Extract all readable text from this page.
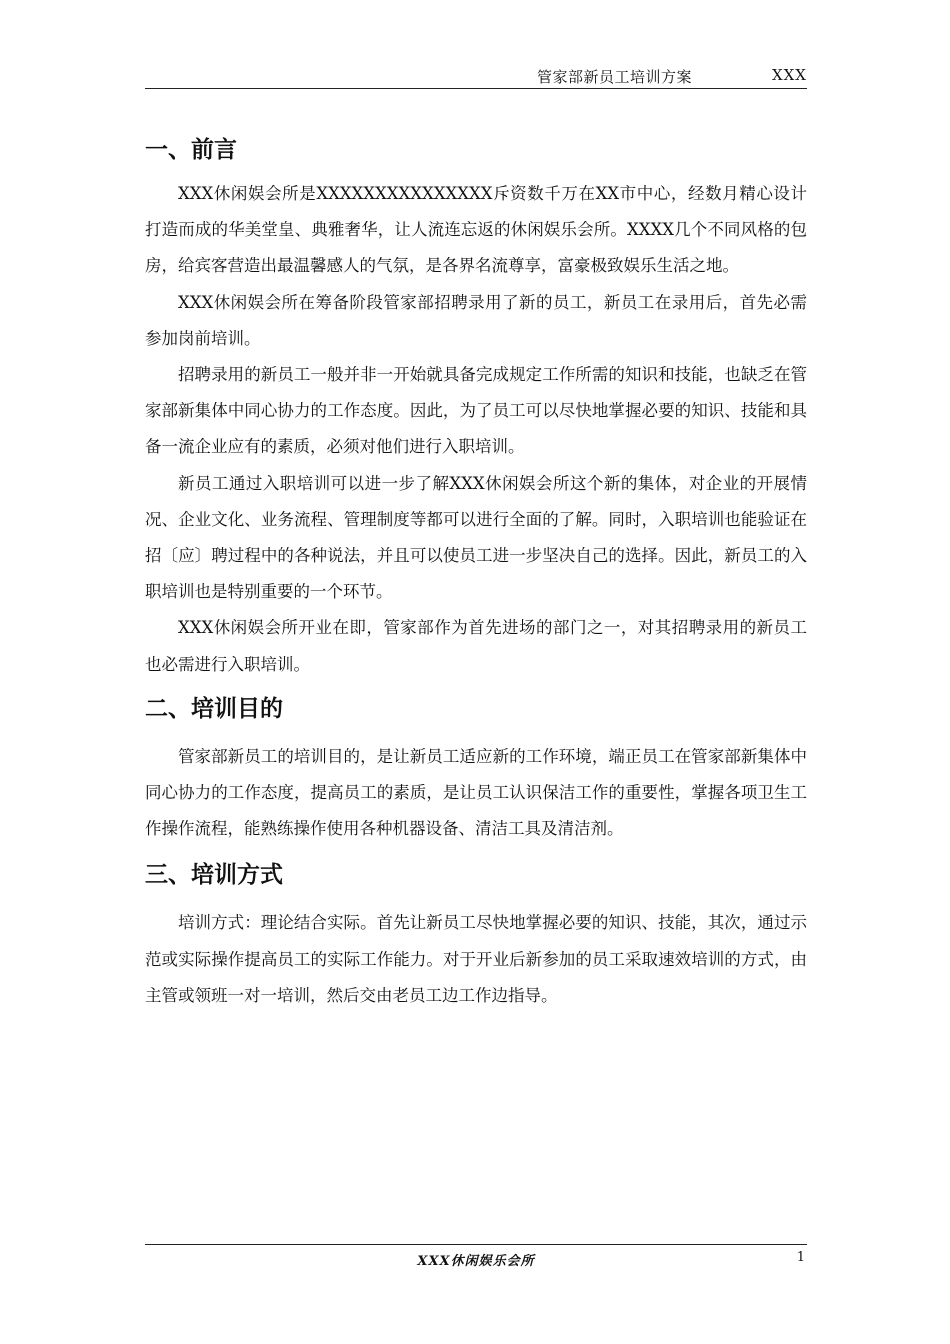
管家部新员工培训方案	XXX
一、前言

XXX休闲娱会所是XXXXXXXXXXXXXXX斥资数千万在XX市中心，经数月精心设计打造而成的华美堂皇、典雅奢华，让人流连忘返的休闲娱乐会所。XXXX几个不同风格的包房，给宾客营造出最温馨感人的气氛，是各界名流尊享，富豪极致娱乐生活之地。

XXX休闲娱会所在筹备阶段管家部招聘录用了新的员工，新员工在录用后，首先必需参加岗前培训。

招聘录用的新员工一般并非一开始就具备完成规定工作所需的知识和技能，也缺乏在管家部新集体中同心协力的工作态度。因此，为了员工可以尽快地掌握必要的知识、技能和具备一流企业应有的素质，必须对他们进行入职培训。

新员工通过入职培训可以进一步了解XXX休闲娱会所这个新的集体，对企业的开展情况、企业文化、业务流程、管理制度等都可以进行全面的了解。同时，入职培训也能验证在招〔应〕聘过程中的各种说法，并且可以使员工进一步坚决自己的选择。因此，新员工的入职培训也是特别重要的一个环节。

XXX休闲娱会所开业在即，管家部作为首先进场的部门之一，对其招聘录用的新员工也必需进行入职培训。

二、培训目的

管家部新员工的培训目的，是让新员工适应新的工作环境，端正员工在管家部新集体中同心协力的工作态度，提高员工的素质，是让员工认识保洁工作的重要性，掌握各项卫生工作操作流程，能熟练操作使用各种机器设备、清洁工具及清洁剂。

三、培训方式

培训方式：理论结合实际。首先让新员工尽快地掌握必要的知识、技能，其次，通过示范或实际操作提高员工的实际工作能力。对于开业后新参加的员工采取速效培训的方式，由主管或领班一对一培训，然后交由老员工边工作边指导。

XXX休闲娱乐会所	1
